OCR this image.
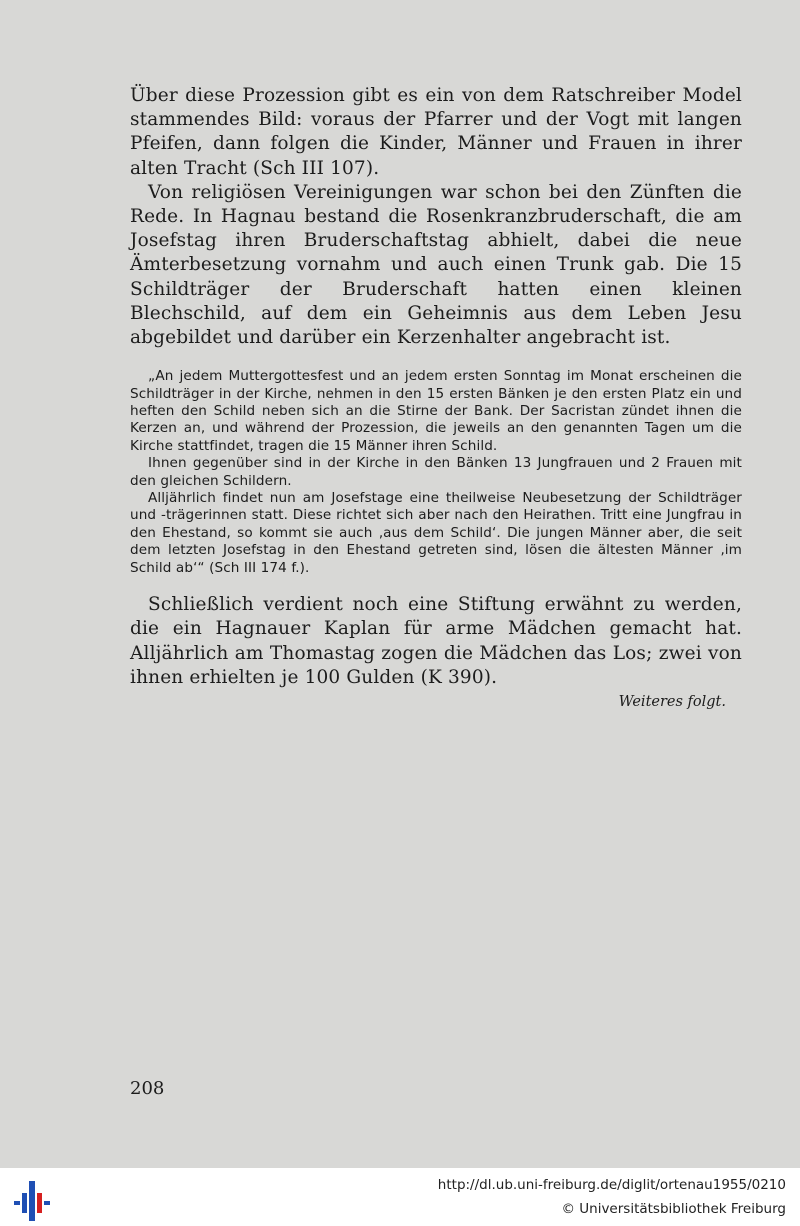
Über diese Prozession gibt es ein von dem Ratschreiber Model stammendes Bild: voraus der Pfarrer und der Vogt mit langen Pfeifen, dann folgen die Kinder, Männer und Frauen in ihrer alten Tracht (Sch III 107).

Von religiösen Vereinigungen war schon bei den Zünften die Rede. In Hagnau bestand die Rosenkranzbruderschaft, die am Josefstag ihren Bruderschaftstag abhielt, dabei die neue Ämterbesetzung vornahm und auch einen Trunk gab. Die 15 Schildträger der Bruderschaft hatten einen kleinen Blechschild, auf dem ein Geheimnis aus dem Leben Jesu abgebildet und darüber ein Kerzenhalter angebracht ist.

„An jedem Muttergottesfest und an jedem ersten Sonntag im Monat erscheinen die Schildträger in der Kirche, nehmen in den 15 ersten Bänken je den ersten Platz ein und heften den Schild neben sich an die Stirne der Bank. Der Sacristan zündet ihnen die Kerzen an, und während der Prozession, die jeweils an den genannten Tagen um die Kirche stattfindet, tragen die 15 Männer ihren Schild.

Ihnen gegenüber sind in der Kirche in den Bänken 13 Jungfrauen und 2 Frauen mit den gleichen Schildern.

Alljährlich findet nun am Josefstage eine theilweise Neubesetzung der Schildträger und -trägerinnen statt. Diese richtet sich aber nach den Heirathen. Tritt eine Jungfrau in den Ehestand, so kommt sie auch ‚aus dem Schild‘. Die jungen Männer aber, die seit dem letzten Josefstag in den Ehestand getreten sind, lösen die ältesten Männer ‚im Schild ab‘“ (Sch III 174 f.).

Schließlich verdient noch eine Stiftung erwähnt zu werden, die ein Hagnauer Kaplan für arme Mädchen gemacht hat. Alljährlich am Thomastag zogen die Mädchen das Los; zwei von ihnen erhielten je 100 Gulden (K 390).

Weiteres folgt.
208
http://dl.ub.uni-freiburg.de/diglit/ortenau1955/0210
© Universitätsbibliothek Freiburg
